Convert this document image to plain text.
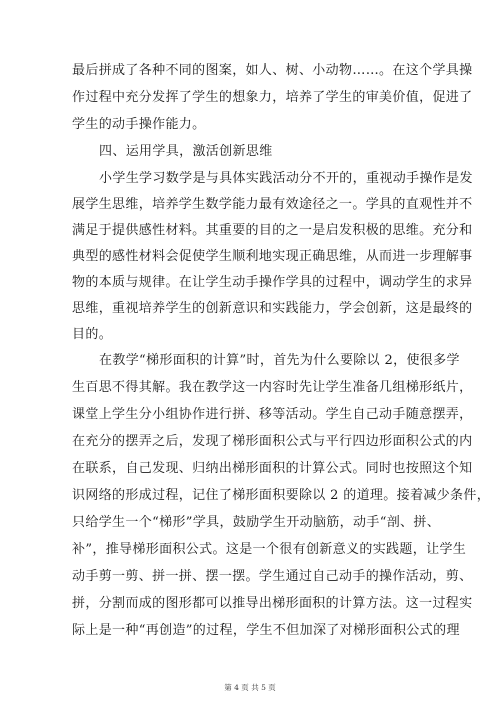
最后拼成了各种不同的图案，如人、树、小动物……。在这个学具操
作过程中充分发挥了学生的想象力，培养了学生的审美价值，促进了
学生的动手操作能力。
四、运用学具，激活创新思维
小学生学习数学是与具体实践活动分不开的，重视动手操作是发
展学生思维，培养学生数学能力最有效途径之一。学具的直观性并不
满足于提供感性材料。其重要的目的之一是启发积极的思维。充分和
典型的感性材料会促使学生顺利地实现正确思维，从而进一步理解事
物的本质与规律。在让学生动手操作学具的过程中，调动学生的求异
思维，重视培养学生的创新意识和实践能力，学会创新，这是最终的
目的。
在教学“梯形面积的计算”时，首先为什么要除以 2，使很多学
生百思不得其解。我在教学这一内容时先让学生准备几组梯形纸片，
课堂上学生分小组协作进行拼、移等活动。学生自己动手随意摆弄，
在充分的摆弄之后，发现了梯形面积公式与平行四边形面积公式的内
在联系，自己发现、归纳出梯形面积的计算公式。同时也按照这个知
识网络的形成过程，记住了梯形面积要除以 2 的道理。接着减少条件，
只给学生一个“梯形”学具，鼓励学生开动脑筋，动手“剖、拼、
补”，推导梯形面积公式。这是一个很有创新意义的实践题，让学生
动手剪一剪、拼一拼、摆一摆。学生通过自己动手的操作活动，剪、
拼，分割而成的图形都可以推导出梯形面积的计算方法。这一过程实
际上是一种“再创造”的过程，学生不但加深了对梯形面积公式的理
第 4 页 共 5 页
